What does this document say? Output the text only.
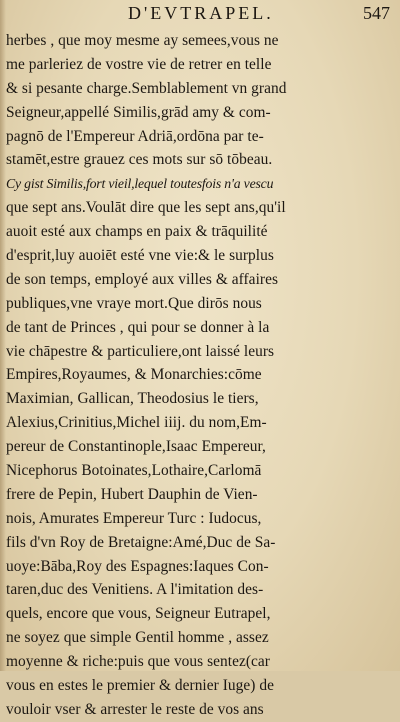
D'EVTRAPEL.	547
herbes , que moy mesme ay semees,vous ne
me parleriez de vostre vie de retrer en telle
& si pesante charge.Semblablement vn grand
Seigneur,appellé Similis,grād amy & com-
pagnō de l'Empereur Adriā,ordōna par te-
stamēt,estre grauez ces mots sur sō tōbeau.
Cy gist Similis,fort vieil,lequel toutesfois n'a vescu
que sept ans.Voulāt dire que les sept ans,qu'il
auoit esté aux champs en paix & trāquilité
d'esprit,luy auoiēt esté vne vie:& le surplus
de son temps, employé aux villes & affaires
publiques,vne vraye mort.Que dirōs nous
de tant de Princes , qui pour se donner à la
vie chāpestre & particuliere,ont laissé leurs
Empires,Royaumes, & Monarchies:cōme
Maximian, Gallican, Theodosius le tiers,
Alexius,Crinitius,Michel iiij. du nom,Em-
pereur de Constantinople,Isaac Empereur,
Nicephorus Botoinates,Lothaire,Carlomā
frere de Pepin, Hubert Dauphin de Vien-
nois, Amurates Empereur Turc : Iudocus,
fils d'vn Roy de Bretaigne:Amé,Duc de Sa-
uoye:Bāba,Roy des Espagnes:Iaques Con-
taren,duc des Venitiens. A l'imitation des-
quels, encore que vous, Seigneur Eutrapel,
ne soyez que simple Gentil homme , assez
moyenne & riche:puis que vous sentez(car
vous en estes le premier & dernier Iuge) de
vouloir vser & arrester le reste de vos ans
